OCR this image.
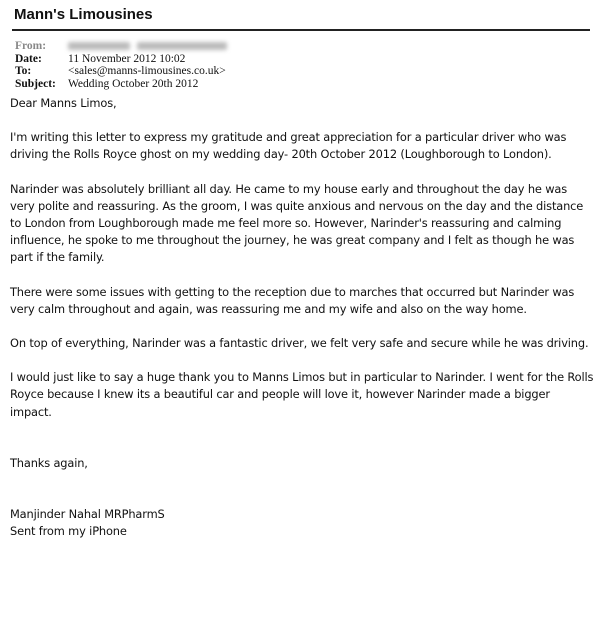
Mann's Limousines
From:

Date:	11 November 2012 10:02
To:	<sales@manns-limousines.co.uk>
Subject:	Wedding October 20th 2012

Dear Manns Limos,

I'm writing this letter to express my gratitude and great appreciation for a particular driver who was driving the Rolls Royce ghost on my wedding day- 20th October 2012 (Loughborough to London).

Narinder was absolutely brilliant all day. He came to my house early and throughout the day he was very polite and reassuring. As the groom, I was quite anxious and nervous on the day and the distance to London from Loughborough made me feel more so. However, Narinder's reassuring and calming influence, he spoke to me throughout the journey, he was great company and I felt as though he was part if the family.

There were some issues with getting to the reception due to marches that occurred but Narinder was very calm throughout and again, was reassuring me and my wife and also on the way home.

On top of everything, Narinder was a fantastic driver, we felt very safe and secure while he was driving.

I would just like to say a huge thank you to Manns Limos but in particular to Narinder. I went for the Rolls Royce because I knew its a beautiful car and people will love it, however Narinder made a bigger impact.

Thanks again,

Manjinder Nahal MRPharmS

Sent from my iPhone
